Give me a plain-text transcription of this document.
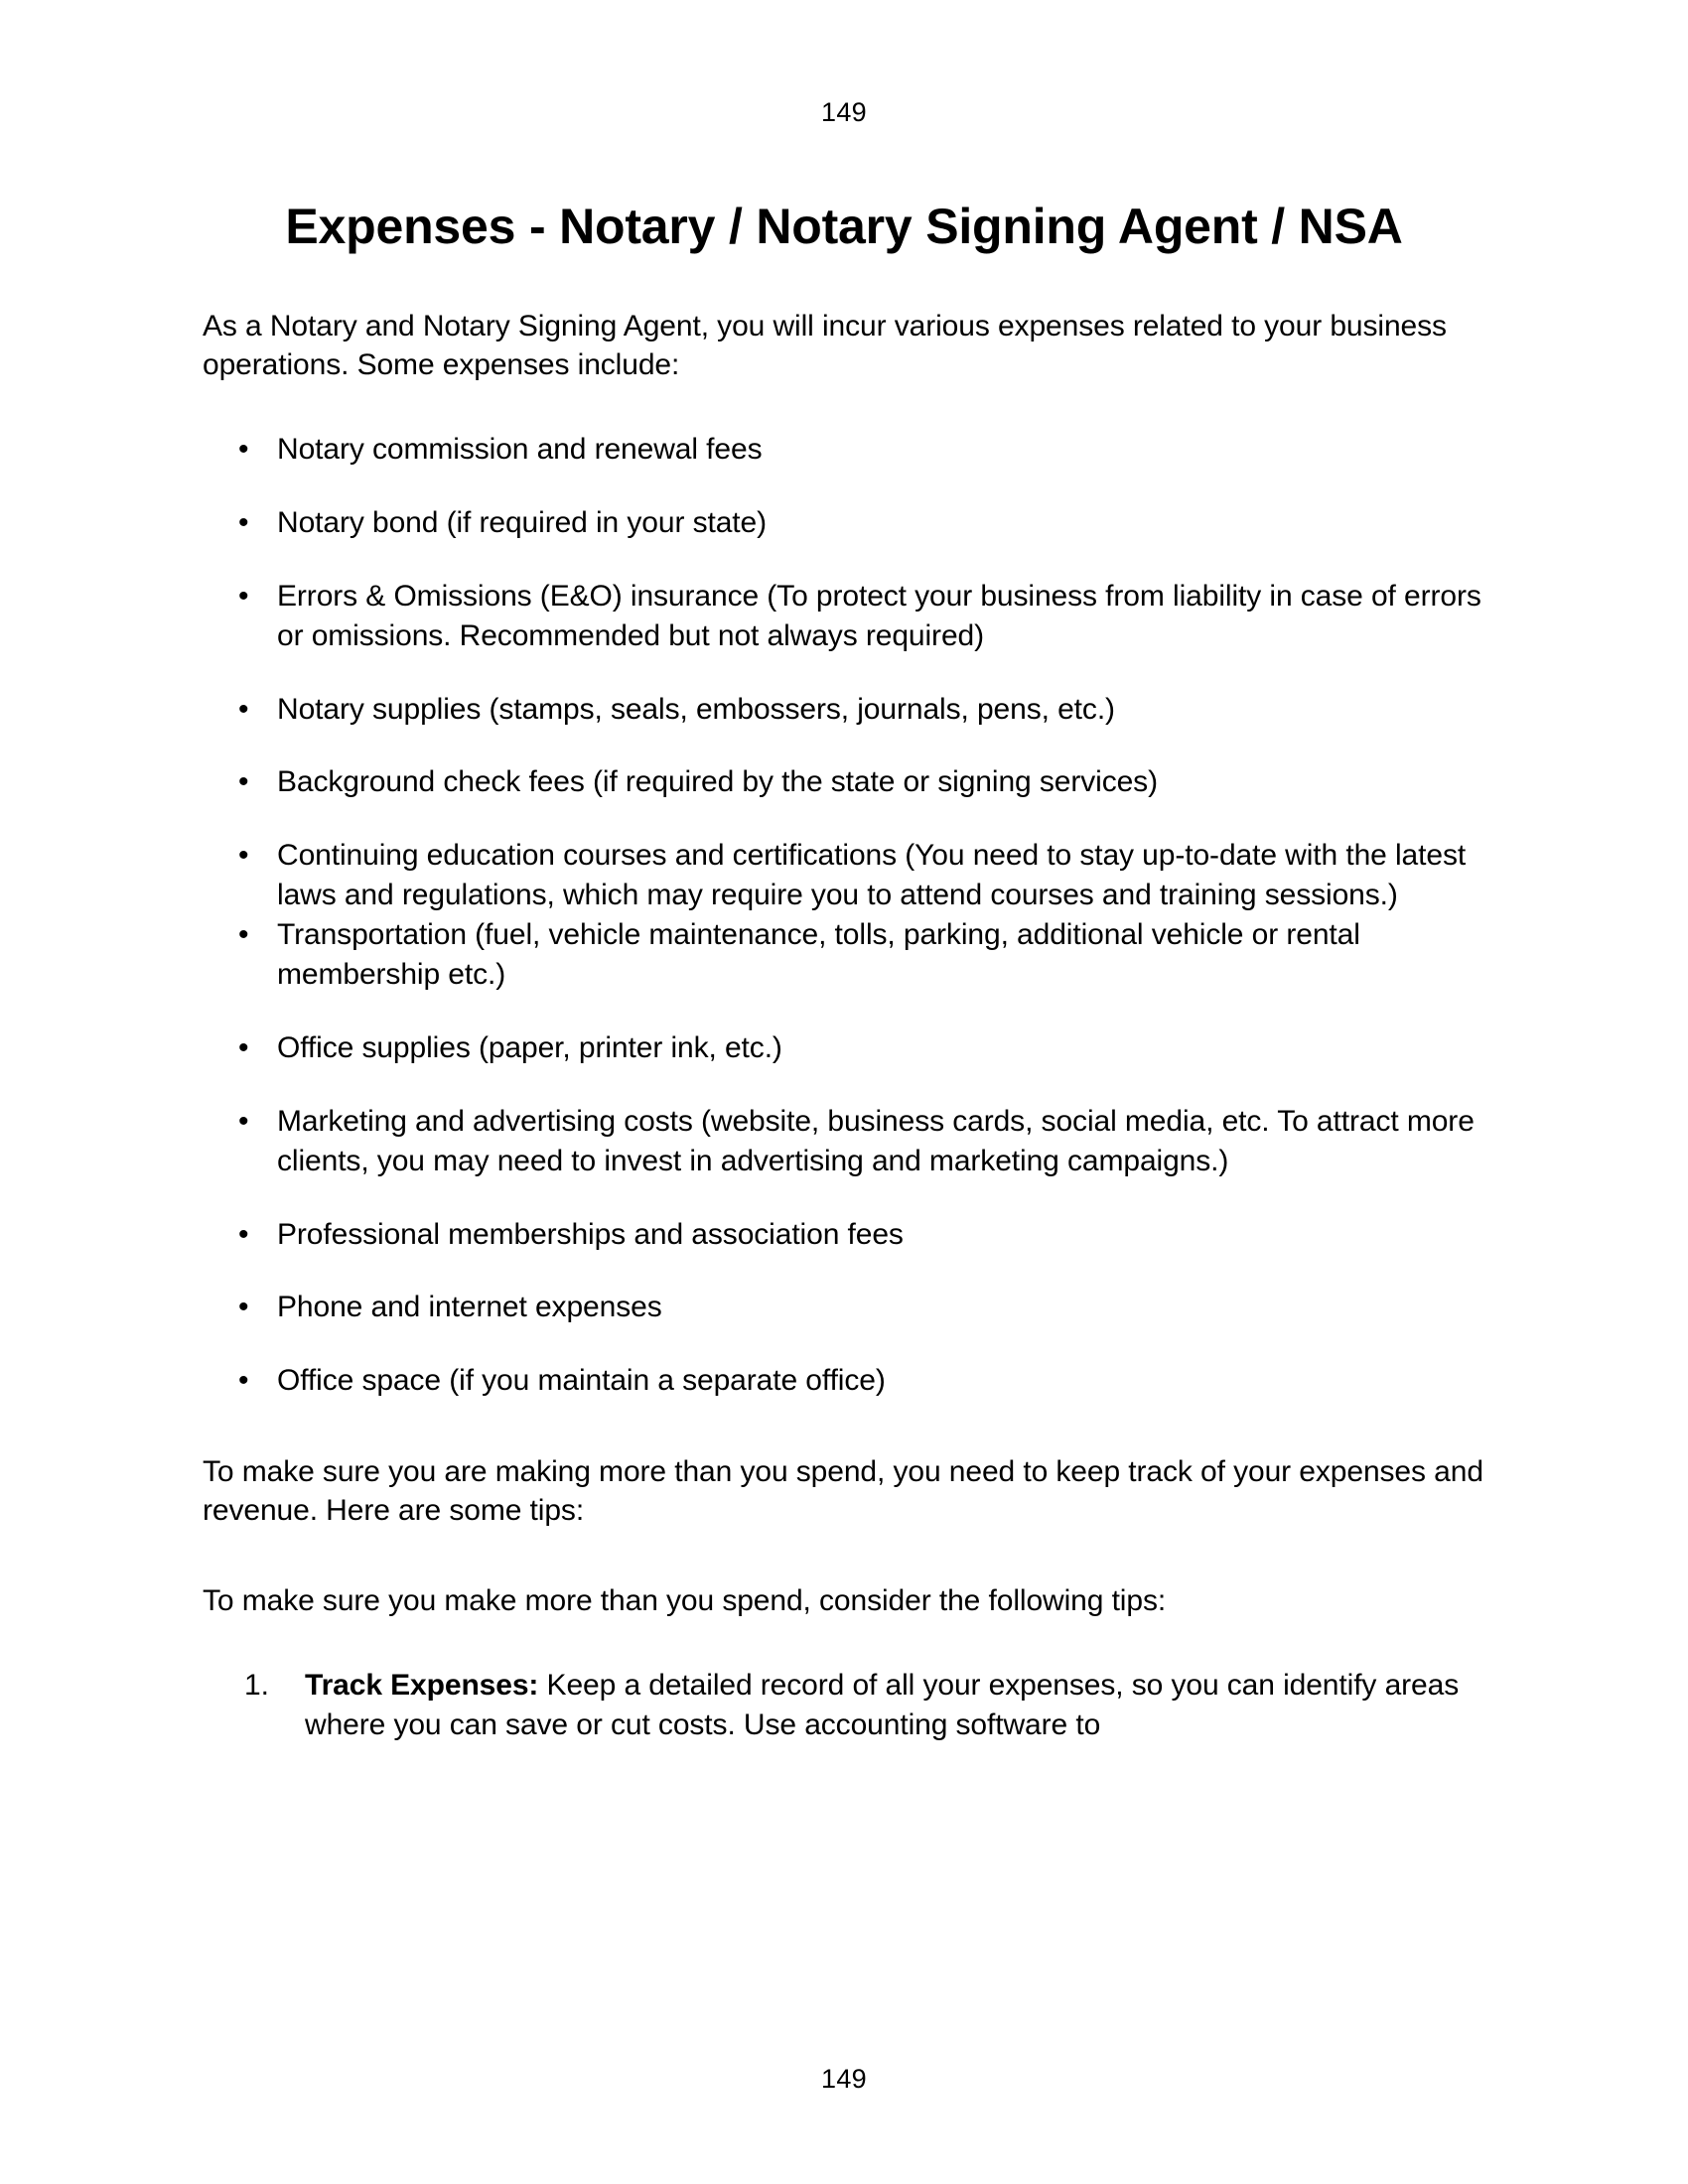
149
Expenses - Notary / Notary Signing Agent / NSA

As a Notary and Notary Signing Agent, you will incur various expenses related to your business operations. Some expenses include:

• Notary commission and renewal fees
• Notary bond (if required in your state)
• Errors & Omissions (E&O) insurance (To protect your business from liability in case of errors or omissions. Recommended but not always required)
• Notary supplies (stamps, seals, embossers, journals, pens, etc.)
• Background check fees (if required by the state or signing services)
• Continuing education courses and certifications (You need to stay up-to-date with the latest laws and regulations, which may require you to attend courses and training sessions.)
• Transportation (fuel, vehicle maintenance, tolls, parking, additional vehicle or rental membership etc.)
• Office supplies (paper, printer ink, etc.)
• Marketing and advertising costs (website, business cards, social media, etc. To attract more clients, you may need to invest in advertising and marketing campaigns.)
• Professional memberships and association fees
• Phone and internet expenses
• Office space (if you maintain a separate office)

To make sure you are making more than you spend, you need to keep track of your expenses and revenue. Here are some tips:

To make sure you make more than you spend, consider the following tips:

1. Track Expenses: Keep a detailed record of all your expenses, so you can identify areas where you can save or cut costs. Use accounting software to
149
